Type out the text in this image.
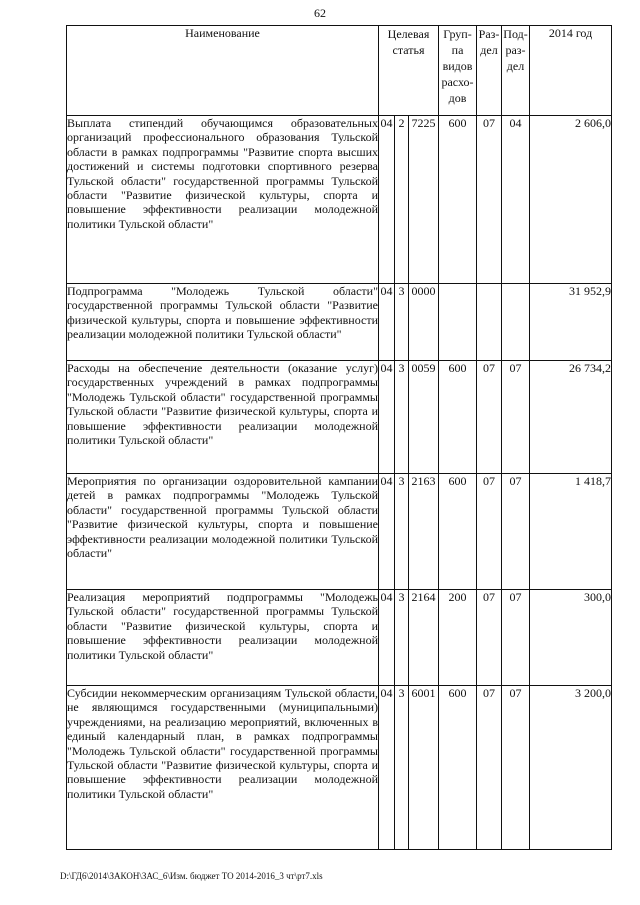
62
Наименование	Целевая статья			Груп-па видов расхо-дов	Раз-дел	Под-раз-дел	2014 год
Выплата стипендий обучающимся образовательных организаций профессионального образования Тульской области в рамках подпрограммы "Развитие спорта высших достижений и системы подготовки спортивного резерва Тульской области" государственной программы Тульской области "Развитие физической культуры, спорта и повышение эффективности реализации молодежной политики Тульской области"	04	2	7225	600	07	04	2 606,0
Подпрограмма "Молодежь Тульской области" государственной программы Тульской области "Развитие физической культуры, спорта и повышение эффективности реализации молодежной политики Тульской области"	04	3	0000				31 952,9
Расходы на обеспечение деятельности (оказание услуг) государственных учреждений в рамках подпрограммы "Молодежь Тульской области" государственной программы Тульской области "Развитие физической культуры, спорта и повышение эффективности реализации молодежной политики Тульской области"	04	3	0059	600	07	07	26 734,2
Мероприятия по организации оздоровительной кампании детей в рамках подпрограммы "Молодежь Тульской области" государственной программы Тульской области "Развитие физической культуры, спорта и повышение эффективности реализации молодежной политики Тульской области"	04	3	2163	600	07	07	1 418,7
Реализация мероприятий подпрограммы "Молодежь Тульской области" государственной программы Тульской области "Развитие физической культуры, спорта и повышение эффективности реализации молодежной политики Тульской области"	04	3	2164	200	07	07	300,0
Субсидии некоммерческим организациям Тульской области, не являющимся государственными (муниципальными) учреждениями, на реализацию мероприятий, включенных в единый календарный план, в рамках подпрограммы "Молодежь Тульской области" государственной программы Тульской области "Развитие физической культуры, спорта и повышение эффективности реализации молодежной политики Тульской области"	04	3	6001	600	07	07	3 200,0
D:\ГД6\2014\ЗАКОН\ЗАС_6\Изм. бюджет ТО 2014-2016_3 чт\рт7.xls
